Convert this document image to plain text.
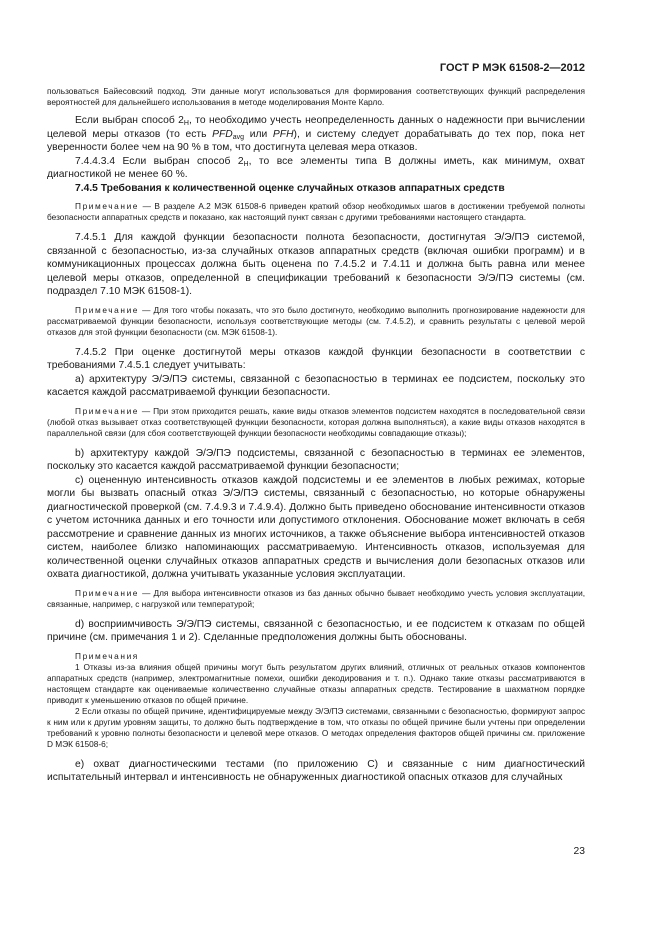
ГОСТ Р МЭК 61508-2—2012

пользоваться Байесовский подход. Эти данные могут использоваться для формирования соответствующих функций распределения вероятностей для дальнейшего использования в методе моделирования Монте Карло.

Если выбран способ $2_H$, то необходимо учесть неопределенность данных о надежности при вычислении целевой меры отказов (то есть $PFD_{avg}$ или PFH), и систему следует дорабатывать до тех пор, пока нет уверенности более чем на 90 % в том, что достигнута целевая мера отказов.

7.4.4.3.4 Если выбран способ $2_H$, то все элементы типа B должны иметь, как минимум, охват диагностикой не менее 60 %.

7.4.5 Требования к количественной оценке случайных отказов аппаратных средств

Примечание — В разделе А.2 МЭК 61508-6 приведен краткий обзор необходимых шагов в достижении требуемой полноты безопасности аппаратных средств и показано, как настоящий пункт связан с другими требованиями настоящего стандарта.

7.4.5.1 Для каждой функции безопасности полнота безопасности, достигнутая Э/Э/ПЭ системой, связанной с безопасностью, из-за случайных отказов аппаратных средств (включая ошибки программ) и в коммуникационных процессах должна быть оценена по 7.4.5.2 и 7.4.11 и должна быть равна или менее целевой меры отказов, определенной в спецификации требований к безопасности Э/Э/ПЭ системы (см. подраздел 7.10 МЭК 61508-1).

Примечание — Для того чтобы показать, что это было достигнуто, необходимо выполнить прогнозирование надежности для рассматриваемой функции безопасности, используя соответствующие методы (см. 7.4.5.2), и сравнить результаты с целевой мерой отказов для этой функции безопасности (см. МЭК 61508-1).

7.4.5.2 При оценке достигнутой меры отказов каждой функции безопасности в соответствии с требованиями 7.4.5.1 следует учитывать:

а) архитектуру Э/Э/ПЭ системы, связанной с безопасностью в терминах ее подсистем, поскольку это касается каждой рассматриваемой функции безопасности.

Примечание — При этом приходится решать, какие виды отказов элементов подсистем находятся в последовательной связи (любой отказ вызывает отказ соответствующей функции безопасности, которая должна выполняться), а какие виды отказов находятся в параллельной связи (для сбоя соответствующей функции безопасности необходимы совпадающие отказы);

b) архитектуру каждой Э/Э/ПЭ подсистемы, связанной с безопасностью в терминах ее элементов, поскольку это касается каждой рассматриваемой функции безопасности;

с) оцененную интенсивность отказов каждой подсистемы и ее элементов в любых режимах, которые могли бы вызвать опасный отказ Э/Э/ПЭ системы, связанный с безопасностью, но которые обнаружены диагностической проверкой (см. 7.4.9.3 и 7.4.9.4). Должно быть приведено обоснование интенсивности отказов с учетом источника данных и его точности или допустимого отклонения. Обоснование может включать в себя рассмотрение и сравнение данных из многих источников, а также объяснение выбора интенсивностей отказов систем, наиболее близко напоминающих рассматриваемую. Интенсивность отказов, используемая для количественной оценки случайных отказов аппаратных средств и вычисления доли безопасных отказов или охвата диагностикой, должна учитывать указанные условия эксплуатации.

Примечание — Для выбора интенсивности отказов из баз данных обычно бывает необходимо учесть условия эксплуатации, связанные, например, с нагрузкой или температурой;

d) восприимчивость Э/Э/ПЭ системы, связанной с безопасностью, и ее подсистем к отказам по общей причине (см. примечания 1 и 2). Сделанные предположения должны быть обоснованы.

Примечания

1 Отказы из-за влияния общей причины могут быть результатом других влияний, отличных от реальных отказов компонентов аппаратных средств (например, электромагнитные помехи, ошибки декодирования и т. п.). Однако такие отказы рассматриваются в настоящем стандарте как оцениваемые количественно случайные отказы аппаратных средств. Тестирование в шахматном порядке приводит к уменьшению отказов по общей причине.

2 Если отказы по общей причине, идентифицируемые между Э/Э/ПЭ системами, связанными с безопасностью, формируют запрос к ним или к другим уровням защиты, то должно быть подтверждение в том, что отказы по общей причине были учтены при определении требований к уровню полноты безопасности и целевой мере отказов. О методах определения факторов общей причины см. приложение D МЭК 61508-6;

е) охват диагностическими тестами (по приложению С) и связанные с ним диагностический испытательный интервал и интенсивность не обнаруженных диагностикой опасных отказов для случайных

23
